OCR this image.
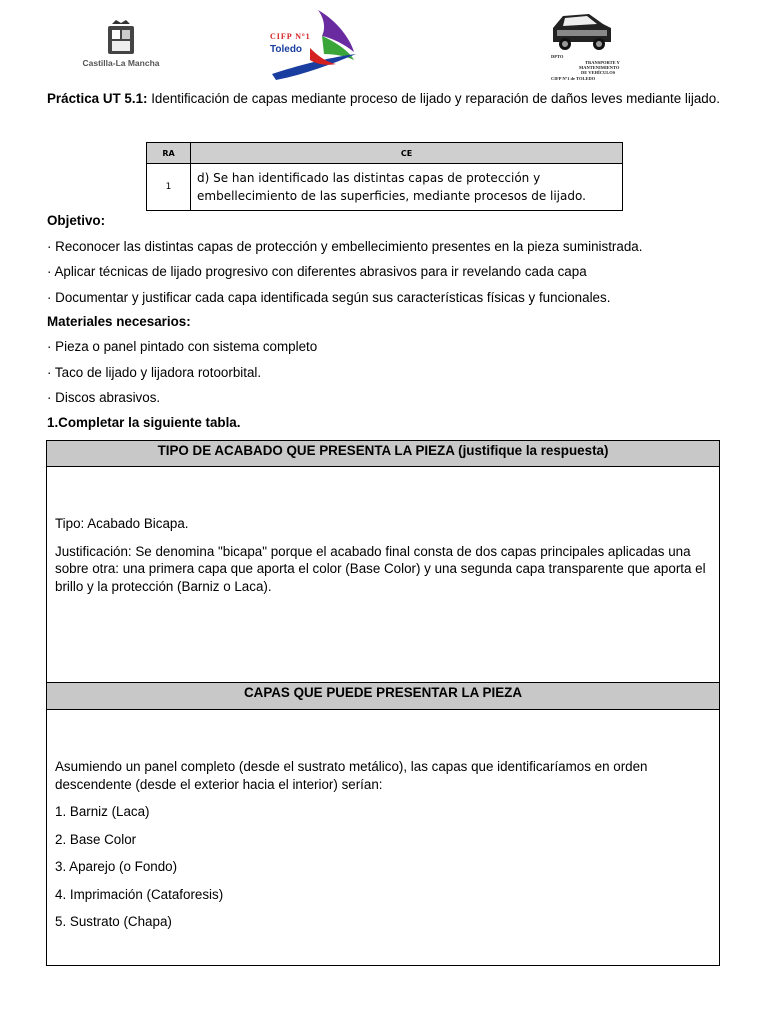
Castilla-La Mancha
CIFP Nº1
Toledo
DPTO
TRANSPORTE Y
MANTENIMIENTO
DE VEHÍCULOS
CIFP Nº1 de TOLEDO
Práctica UT 5.1: Identificación de capas mediante proceso de lijado y reparación de daños leves mediante lijado.
RA	CE
1	d) Se han identificado las distintas capas de protección y embellecimiento de las superficies, mediante procesos de lijado.
Objetivo:
· Reconocer las distintas capas de protección y embellecimiento presentes en la pieza suministrada.
· Aplicar técnicas de lijado progresivo con diferentes abrasivos para ir revelando cada capa
· Documentar y justificar cada capa identificada según sus características físicas y funcionales.
Materiales necesarios:
· Pieza o panel pintado con sistema completo
· Taco de lijado y lijadora rotoorbital.
· Discos abrasivos.
1.Completar la siguiente tabla.
TIPO DE ACABADO QUE PRESENTA LA PIEZA (justifique la respuesta)

Tipo: Acabado Bicapa.

Justificación: Se denomina "bicapa" porque el acabado final consta de dos capas principales aplicadas una sobre otra: una primera capa que aporta el color (Base Color) y una segunda capa transparente que aporta el brillo y la protección (Barniz o Laca).

CAPAS QUE PUEDE PRESENTAR LA PIEZA

Asumiendo un panel completo (desde el sustrato metálico), las capas que identificaríamos en orden descendente (desde el exterior hacia el interior) serían:

1. Barniz (Laca)

2. Base Color

3. Aparejo (o Fondo)

4. Imprimación (Cataforesis)

5. Sustrato (Chapa)
